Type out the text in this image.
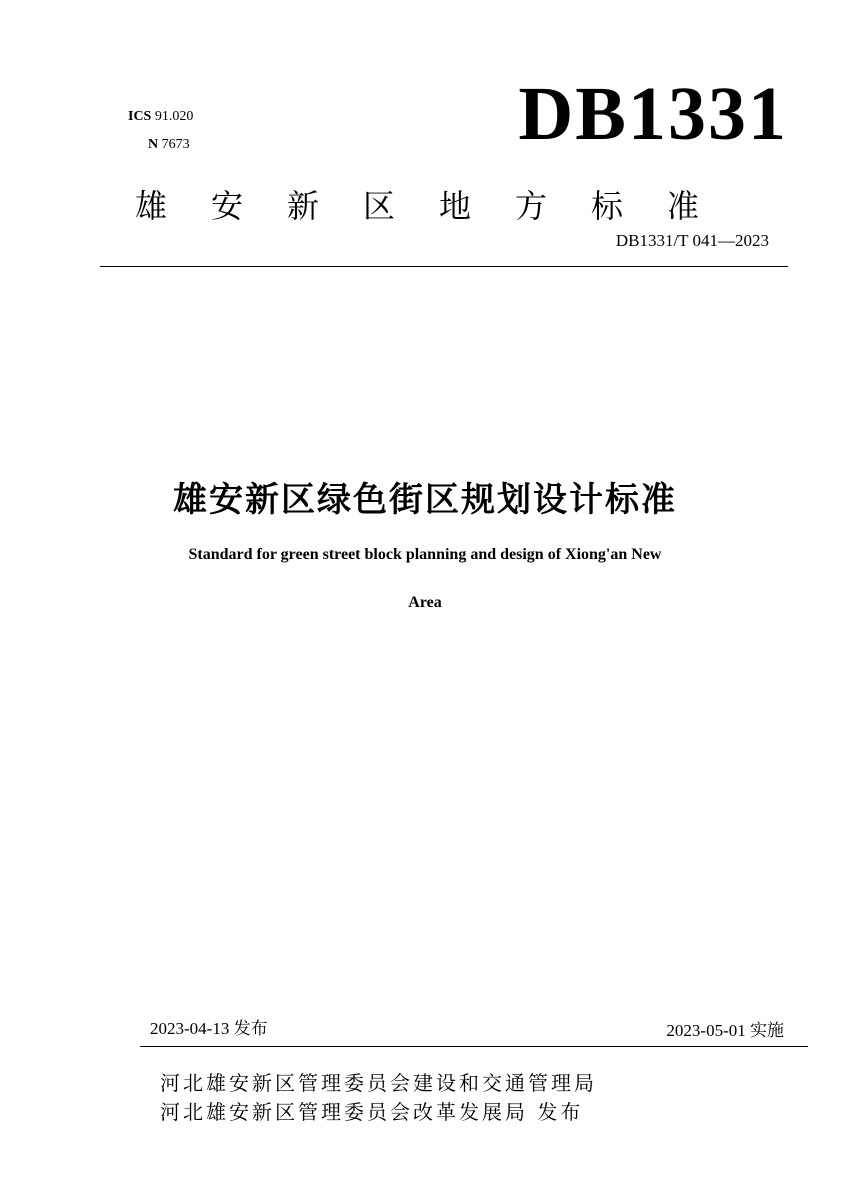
ICS 91.020
N 7673	DB1331
雄	安	新	区	地	方	标	准
DB1331/T 041—2023
雄安新区绿色街区规划设计标准
Standard for green street block planning and design of Xiong'an New
Area
2023-04-13 发布	2023-05-01 实施
河北雄安新区管理委员会建设和交通管理局
河北雄安新区管理委员会改革发展局 发布
